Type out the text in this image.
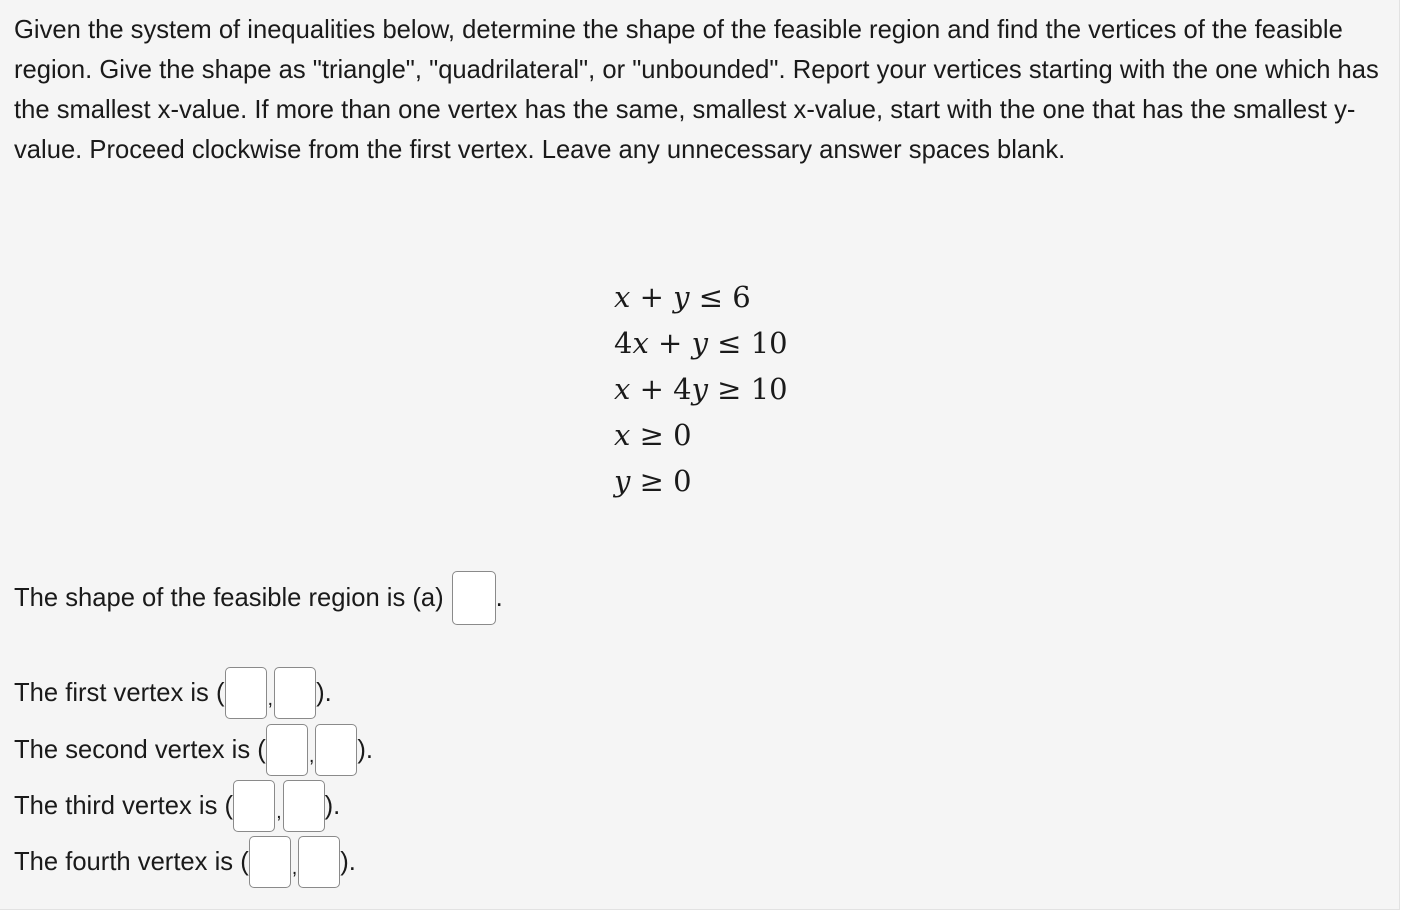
Given the system of inequalities below, determine the shape of the feasible region and find the vertices of the feasible region. Give the shape as "triangle", "quadrilateral", or "unbounded". Report your vertices starting with the one which has the smallest x-value. If more than one vertex has the same, smallest x-value, start with the one that has the smallest y-value. Proceed clockwise from the first vertex. Leave any unnecessary answer spaces blank.

x + y ≤ 6
4x + y ≤ 10
x + 4y ≥ 10
x ≥ 0
y ≥ 0
The shape of the feasible region is (a) .
The first vertex is
( , ).
The second vertex is
( , ).
The third vertex is
( , ).
The fourth vertex is
( , ).
